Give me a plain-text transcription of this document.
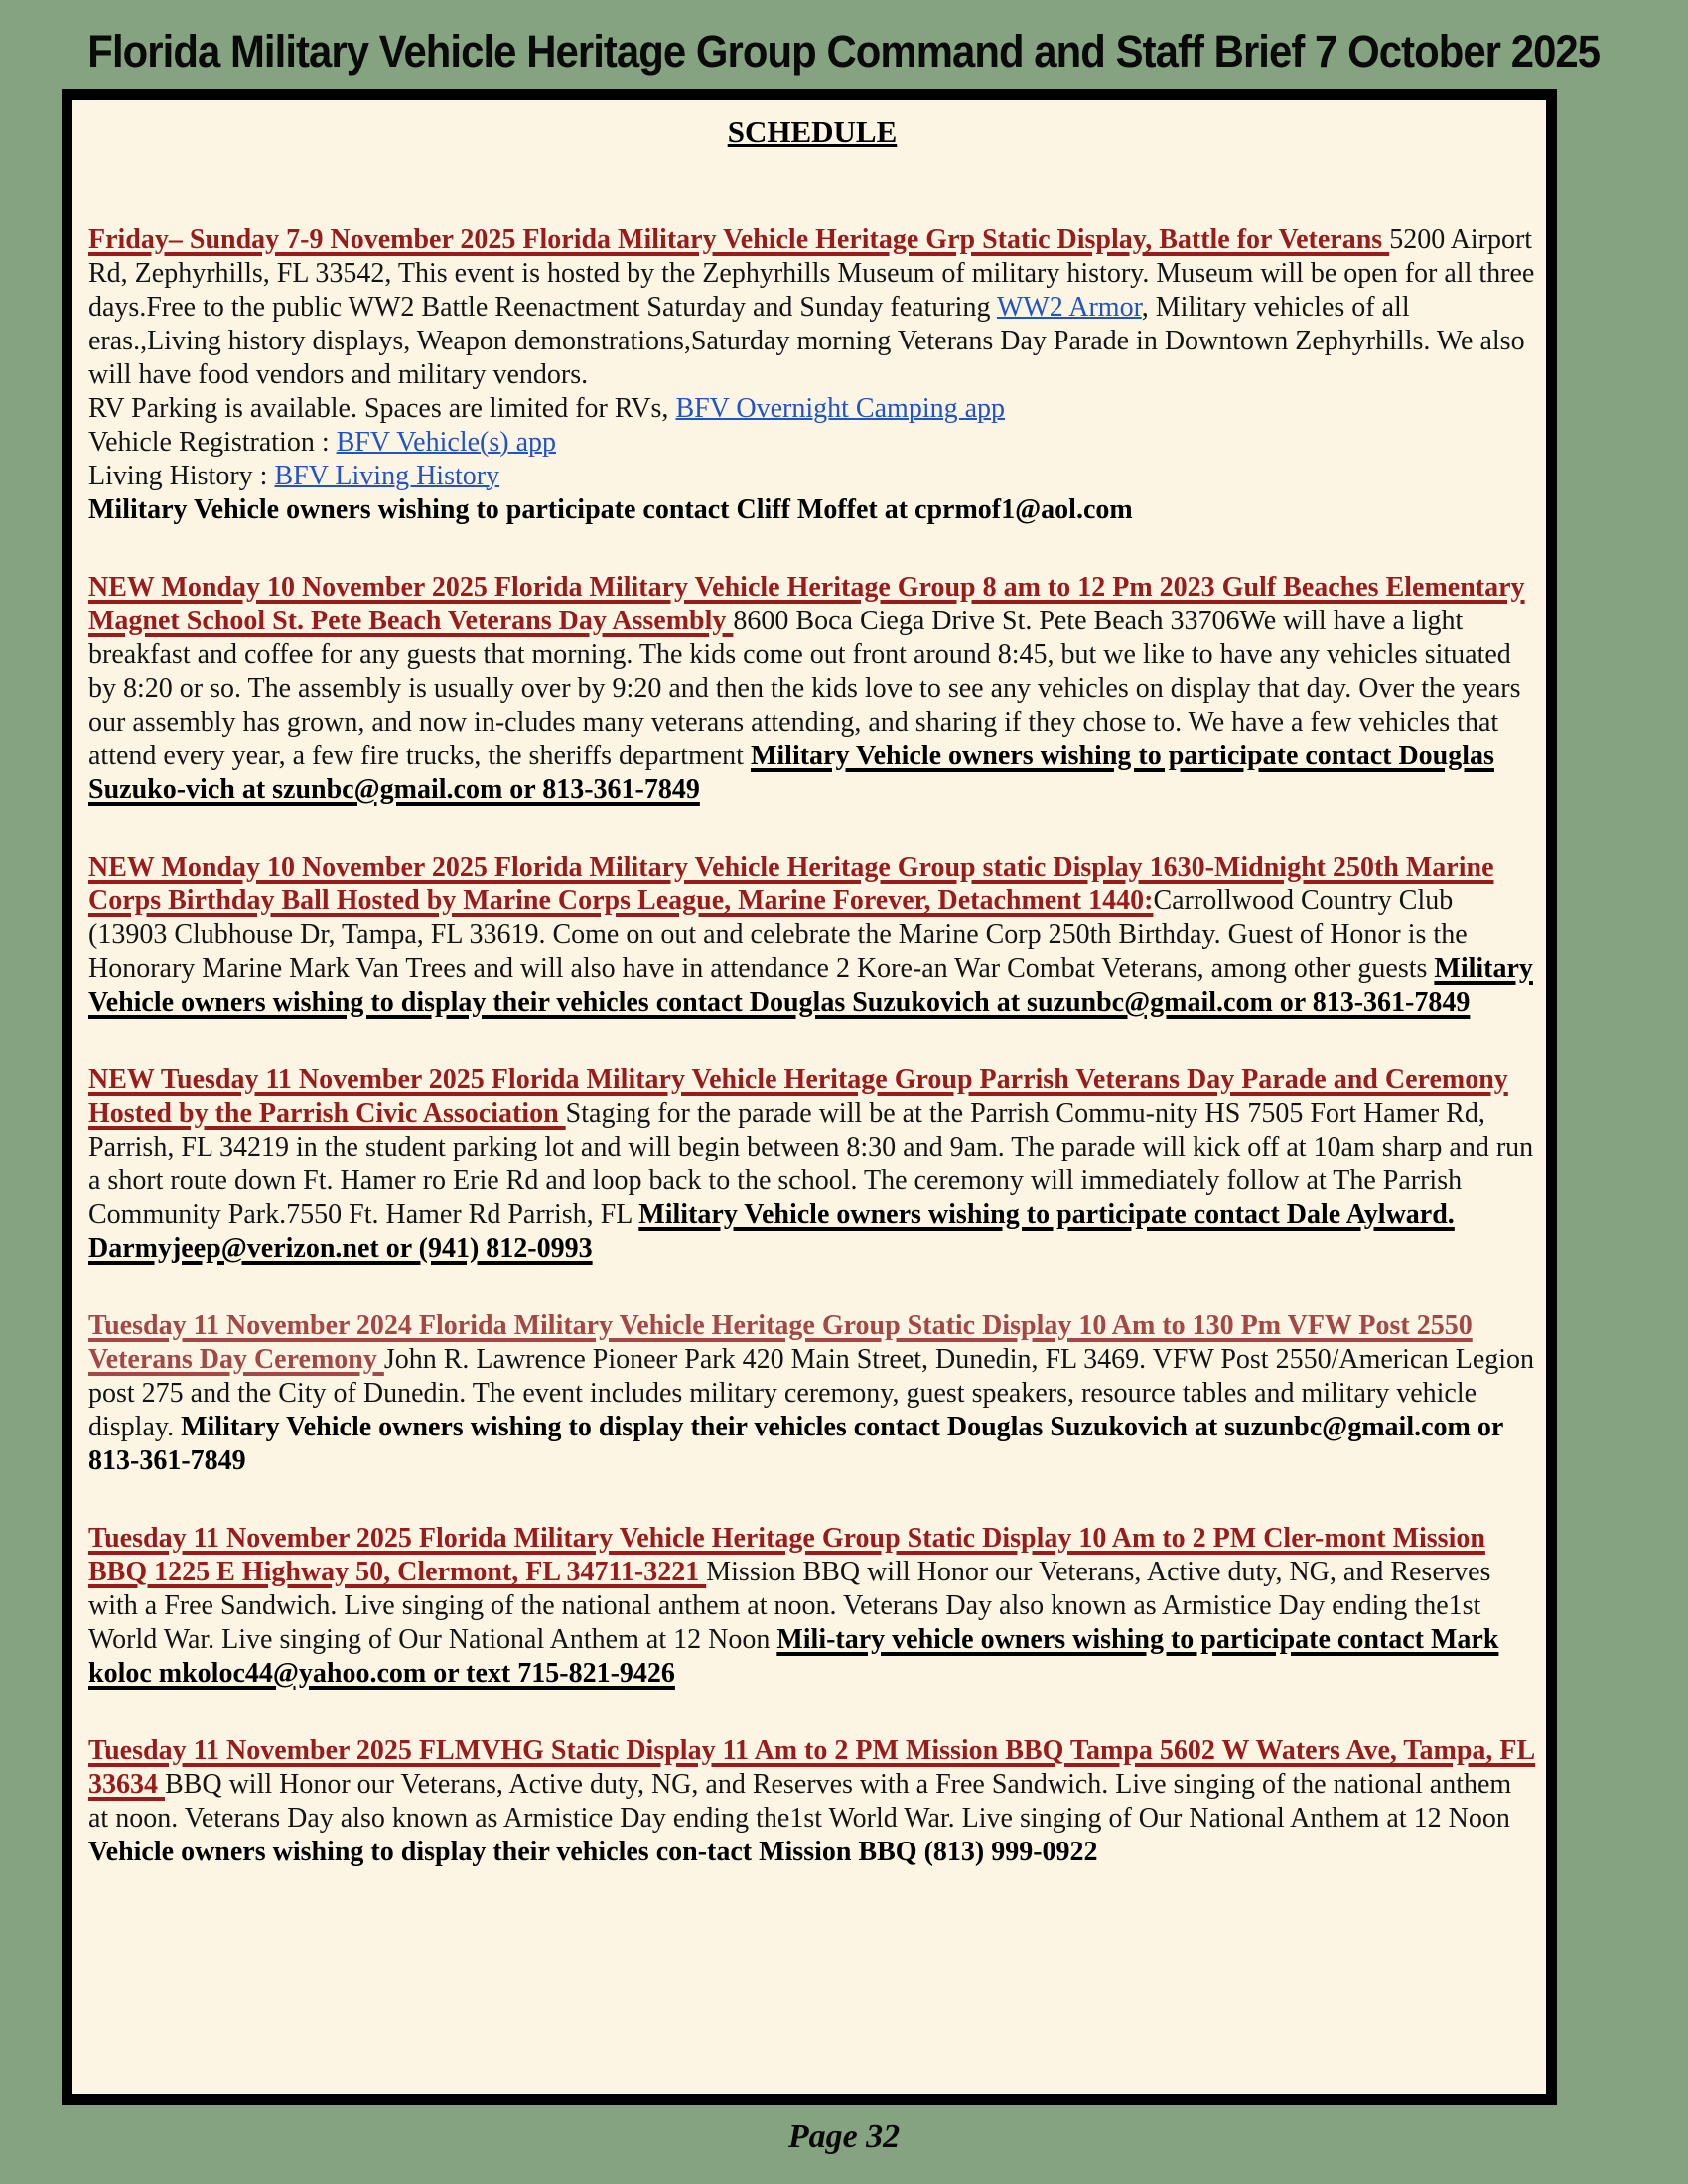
Florida Military Vehicle Heritage Group Command and Staff Brief 7 October 2025
SCHEDULE

Friday– Sunday 7-9 November 2025 Florida Military Vehicle Heritage Grp Static Display, Battle for Veterans 5200 Airport Rd, Zephyrhills, FL 33542, This event is hosted by the Zephyrhills Museum of military history. Museum will be open for all three days.Free to the public WW2 Battle Reenactment Saturday and Sunday featuring WW2 Armor, Military vehicles of all eras.,Living history displays, Weapon demonstrations,Saturday morning Veterans Day Parade in Downtown Zephyrhills. We also will have food vendors and military vendors.
RV Parking is available. Spaces are limited for RVs, BFV Overnight Camping app
Vehicle Registration : BFV Vehicle(s) app
Living History : BFV Living History
Military Vehicle owners wishing to participate contact Cliff Moffet at cprmof1@aol.com

NEW Monday 10 November 2025 Florida Military Vehicle Heritage Group 8 am to 12 Pm 2023 Gulf Beaches Elementary Magnet School St. Pete Beach Veterans Day Assembly 8600 Boca Ciega Drive St. Pete Beach 33706We will have a light breakfast and coffee for any guests that morning. The kids come out front around 8:45, but we like to have any vehicles situated by 8:20 or so. The assembly is usually over by 9:20 and then the kids love to see any vehicles on display that day. Over the years our assembly has grown, and now in-cludes many veterans attending, and sharing if they chose to. We have a few vehicles that attend every year, a few fire trucks, the sheriffs department Military Vehicle owners wishing to participate contact Douglas Suzuko-vich at szunbc@gmail.com or 813-361-7849

NEW Monday 10 November 2025 Florida Military Vehicle Heritage Group static Display 1630-Midnight 250th Marine Corps Birthday Ball Hosted by Marine Corps League, Marine Forever, Detachment 1440:Carrollwood Country Club (13903 Clubhouse Dr, Tampa, FL 33619. Come on out and celebrate the Marine Corp 250th Birthday. Guest of Honor is the Honorary Marine Mark Van Trees and will also have in attendance 2 Kore-an War Combat Veterans, among other guests Military Vehicle owners wishing to display their vehicles contact Douglas Suzukovich at suzunbc@gmail.com or 813-361-7849

NEW Tuesday 11 November 2025 Florida Military Vehicle Heritage Group Parrish Veterans Day Parade and Ceremony Hosted by the Parrish Civic Association Staging for the parade will be at the Parrish Commu-nity HS 7505 Fort Hamer Rd, Parrish, FL 34219 in the student parking lot and will begin between 8:30 and 9am. The parade will kick off at 10am sharp and run a short route down Ft. Hamer ro Erie Rd and loop back to the school. The ceremony will immediately follow at The Parrish Community Park.7550 Ft. Hamer Rd Parrish, FL Military Vehicle owners wishing to participate contact Dale Aylward. Darmyjeep@verizon.net or (941) 812-0993

Tuesday 11 November 2024 Florida Military Vehicle Heritage Group Static Display 10 Am to 130 Pm VFW Post 2550 Veterans Day Ceremony John R. Lawrence Pioneer Park 420 Main Street, Dunedin, FL 3469. VFW Post 2550/American Legion post 275 and the City of Dunedin. The event includes military ceremony, guest speakers, resource tables and military vehicle display. Military Vehicle owners wishing to display their vehicles contact Douglas Suzukovich at suzunbc@gmail.com or 813-361-7849

Tuesday 11 November 2025 Florida Military Vehicle Heritage Group Static Display 10 Am to 2 PM Cler-mont Mission BBQ 1225 E Highway 50, Clermont, FL 34711-3221 Mission BBQ will Honor our Veterans, Active duty, NG, and Reserves with a Free Sandwich. Live singing of the national anthem at noon. Veterans Day also known as Armistice Day ending the1st World War. Live singing of Our National Anthem at 12 Noon Mili-tary vehicle owners wishing to participate contact Mark koloc mkoloc44@yahoo.com or text 715-821-9426

Tuesday 11 November 2025 FLMVHG Static Display 11 Am to 2 PM Mission BBQ Tampa 5602 W Waters Ave, Tampa, FL 33634 BBQ will Honor our Veterans, Active duty, NG, and Reserves with a Free Sandwich. Live singing of the national anthem at noon. Veterans Day also known as Armistice Day ending the1st World War. Live singing of Our National Anthem at 12 Noon Vehicle owners wishing to display their vehicles con-tact Mission BBQ (813) 999-0922

Page 32
